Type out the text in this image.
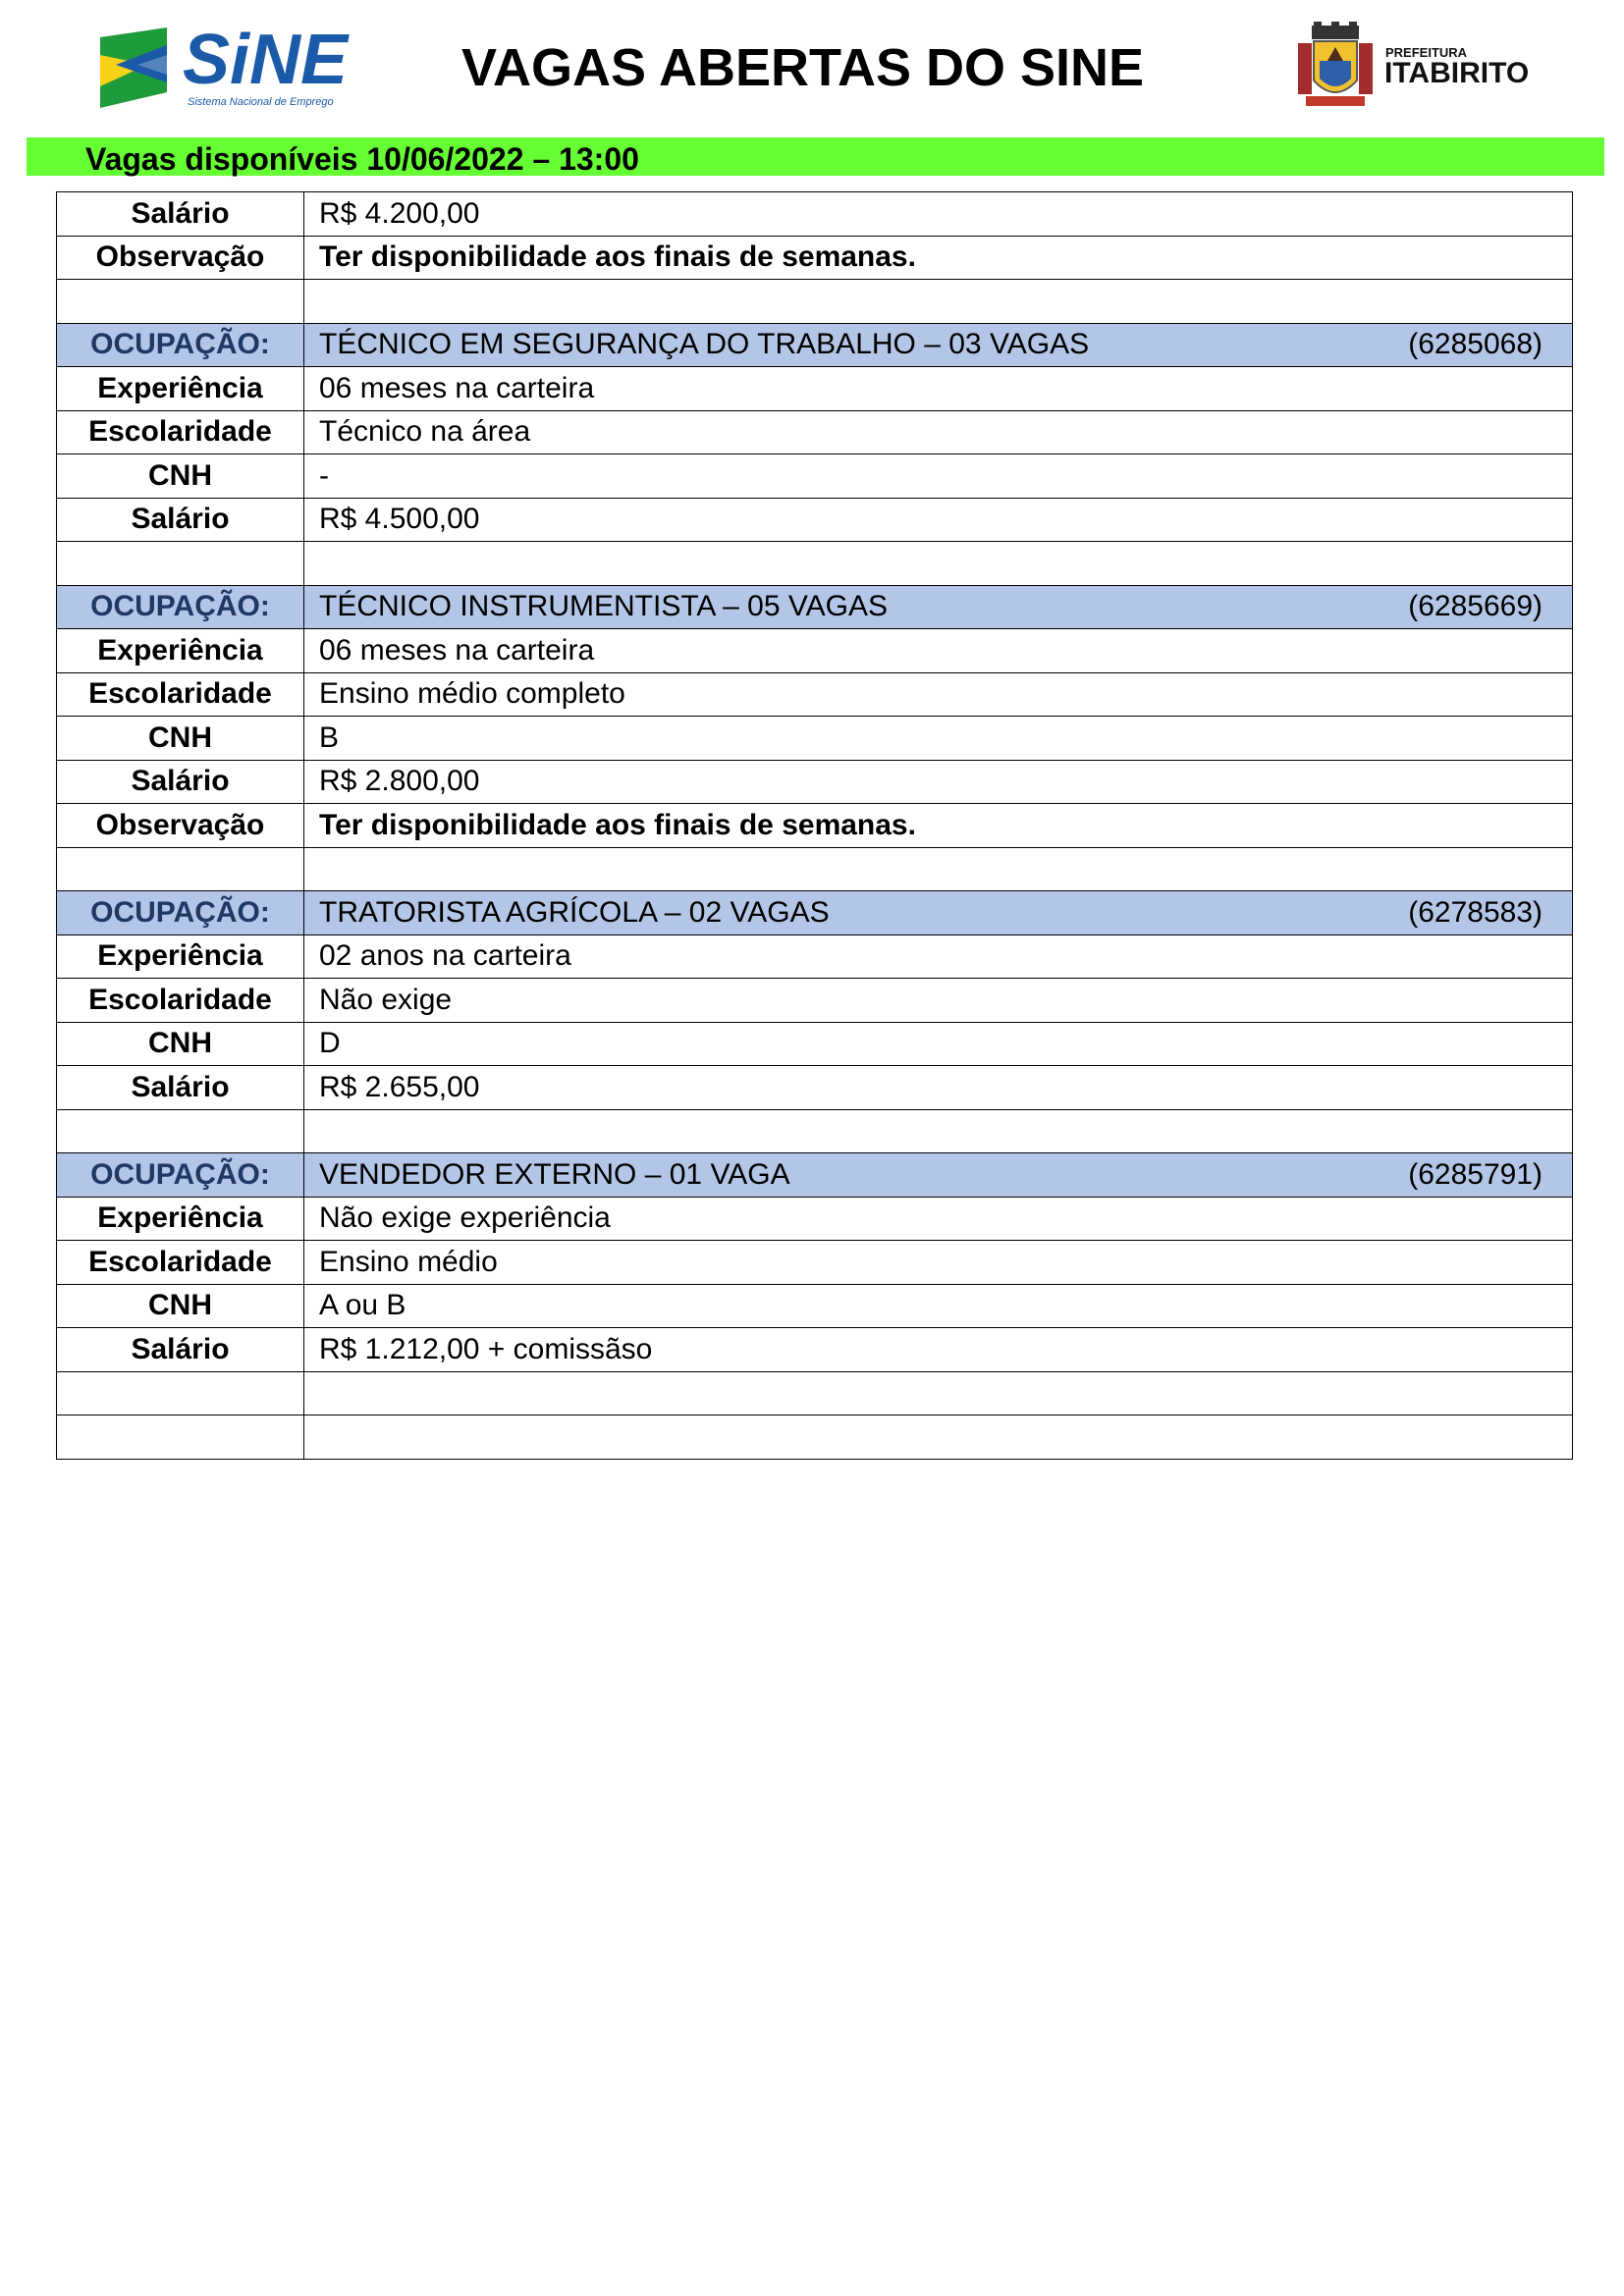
SiNE
Sistema Nacional de Emprego
VAGAS ABERTAS DO SINE	PREFEITURA
ITABIRITO
Vagas disponíveis 10/06/2022 – 13:00
Salário	R$ 4.200,00
Observação	Ter disponibilidade aos finais de semanas.

OCUPAÇÃO:	TÉCNICO EM SEGURANÇA DO TRABALHO – 03 VAGAS (6285068)

Experiência	06 meses na carteira
Escolaridade	Técnico na área
CNH	-
Salário	R$ 4.500,00

OCUPAÇÃO:	TÉCNICO INSTRUMENTISTA – 05 VAGAS (6285669)

Experiência	06 meses na carteira
Escolaridade	Ensino médio completo
CNH	B
Salário	R$ 2.800,00
Observação	Ter disponibilidade aos finais de semanas.

OCUPAÇÃO:	TRATORISTA AGRÍCOLA – 02 VAGAS (6278583)

Experiência	02 anos na carteira
Escolaridade	Não exige
CNH	D
Salário	R$ 2.655,00

OCUPAÇÃO:	VENDEDOR EXTERNO – 01 VAGA (6285791)

Experiência	Não exige experiência
Escolaridade	Ensino médio
CNH	A ou B
Salário	R$ 1.212,00 + comissãso
